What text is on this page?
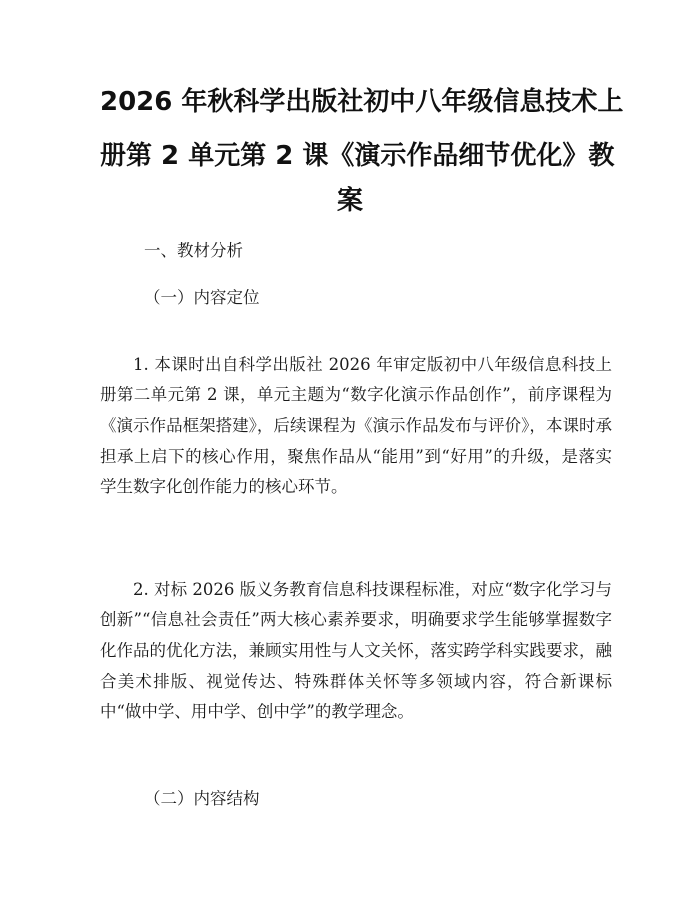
2026 年秋科学出版社初中八年级信息技术上
册第 2 单元第 2 课《演示作品细节优化》教
案
一、教材分析
（一）内容定位

1. 本课时出自科学出版社 2026 年审定版初中八年级信息科技上册第二单元第 2 课，单元主题为“数字化演示作品创作”，前序课程为《演示作品框架搭建》，后续课程为《演示作品发布与评价》，本课时承担承上启下的核心作用，聚焦作品从“能用”到“好用”的升级，是落实学生数字化创作能力的核心环节。

2. 对标 2026 版义务教育信息科技课程标准，对应“数字化学习与创新”“信息社会责任”两大核心素养要求，明确要求学生能够掌握数字化作品的优化方法，兼顾实用性与人文关怀，落实跨学科实践要求，融合美术排版、视觉传达、特殊群体关怀等多领域内容，符合新课标中“做中学、用中学、创中学”的教学理念。

（二）内容结构
